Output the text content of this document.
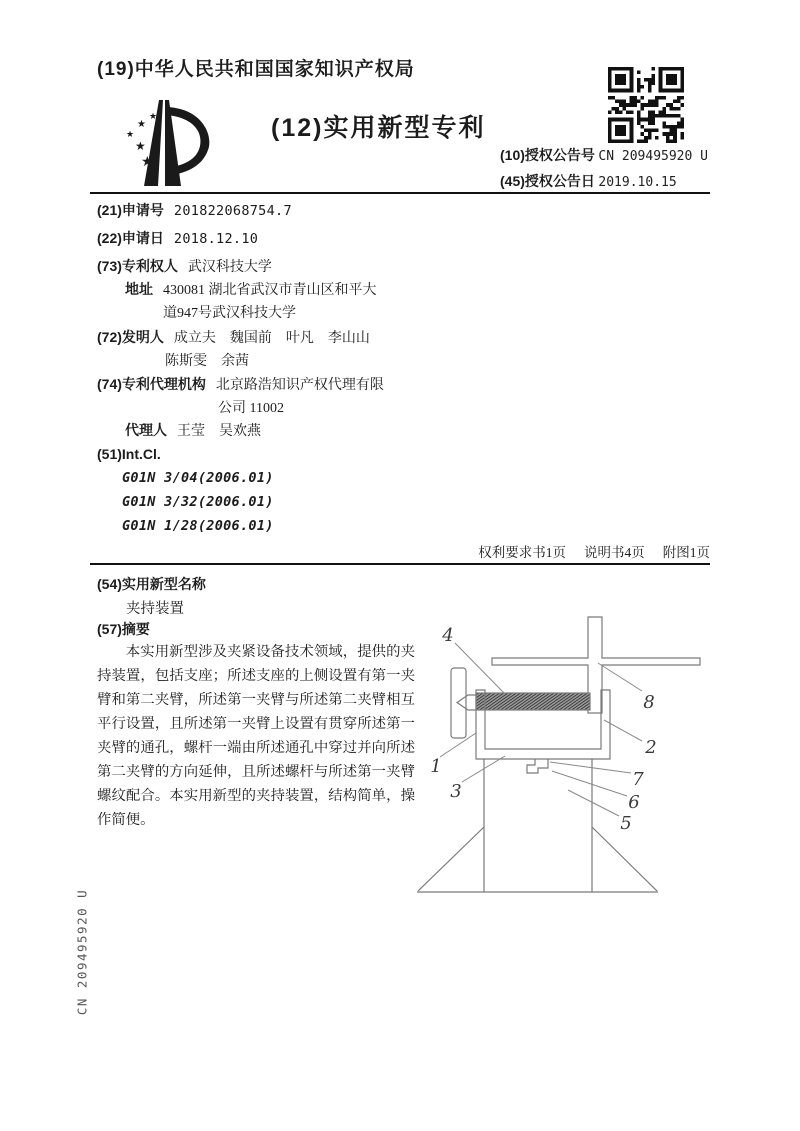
(19)中华人民共和国国家知识产权局
★
★
★
★
★
(12)实用新型专利
(10)授权公告号 CN 209495920 U
(45)授权公告日 2019.10.15
(21)申请号 201822068754.7
(22)申请日 2018.12.10
(73)专利权人 武汉科技大学
地址 430081 湖北省武汉市青山区和平大
道947号武汉科技大学
(72)发明人 成立夫　魏国前　叶凡　李山山
陈斯雯　余茜
(74)专利代理机构 北京路浩知识产权代理有限
公司 11002
代理人 王莹　吴欢燕
(51)Int.Cl.
G01N 3/04(2006.01)
G01N 3/32(2006.01)
G01N 1/28(2006.01)
权利要求书1页 说明书4页 附图1页
(54)实用新型名称
夹持装置
(57)摘要
本实用新型涉及夹紧设备技术领域，提供的夹持装置，包括支座；所述支座的上侧设置有第一夹臂和第二夹臂，所述第一夹臂与所述第二夹臂相互平行设置，且所述第一夹臂上设置有贯穿所述第一夹臂的通孔，螺杆一端由所述通孔中穿过并向所述第二夹臂的方向延伸，且所述螺杆与所述第一夹臂螺纹配合。本实用新型的夹持装置，结构简单，操作简便。
1
2
3
4
5
6
7
8
CN 209495920 U
